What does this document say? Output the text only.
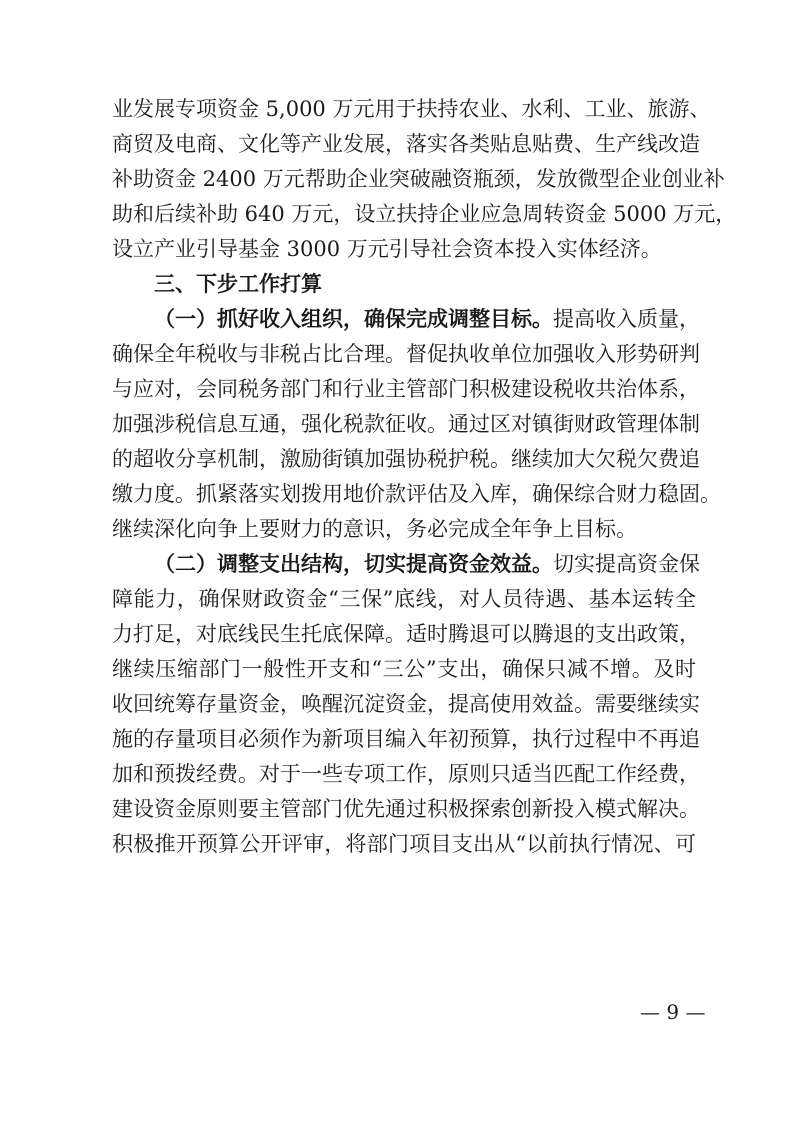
业发展专项资金 5,000 万元用于扶持农业、水利、工业、旅游、
商贸及电商、文化等产业发展，落实各类贴息贴费、生产线改造
补助资金 2400 万元帮助企业突破融资瓶颈，发放微型企业创业补
助和后续补助 640 万元，设立扶持企业应急周转资金 5000 万元，
设立产业引导基金 3000 万元引导社会资本投入实体经济。
三、下步工作打算
（一）抓好收入组织，确保完成调整目标。提高收入质量，
确保全年税收与非税占比合理。督促执收单位加强收入形势研判
与应对，会同税务部门和行业主管部门积极建设税收共治体系，
加强涉税信息互通，强化税款征收。通过区对镇街财政管理体制
的超收分享机制，激励街镇加强协税护税。继续加大欠税欠费追
缴力度。抓紧落实划拨用地价款评估及入库，确保综合财力稳固。
继续深化向争上要财力的意识，务必完成全年争上目标。
（二）调整支出结构，切实提高资金效益。切实提高资金保
障能力，确保财政资金“三保”底线，对人员待遇、基本运转全
力打足，对底线民生托底保障。适时腾退可以腾退的支出政策，
继续压缩部门一般性开支和“三公”支出，确保只减不增。及时
收回统筹存量资金，唤醒沉淀资金，提高使用效益。需要继续实
施的存量项目必须作为新项目编入年初预算，执行过程中不再追
加和预拨经费。对于一些专项工作，原则只适当匹配工作经费，
建设资金原则要主管部门优先通过积极探索创新投入模式解决。
积极推开预算公开评审，将部门项目支出从“以前执行情况、可
— 9 —
